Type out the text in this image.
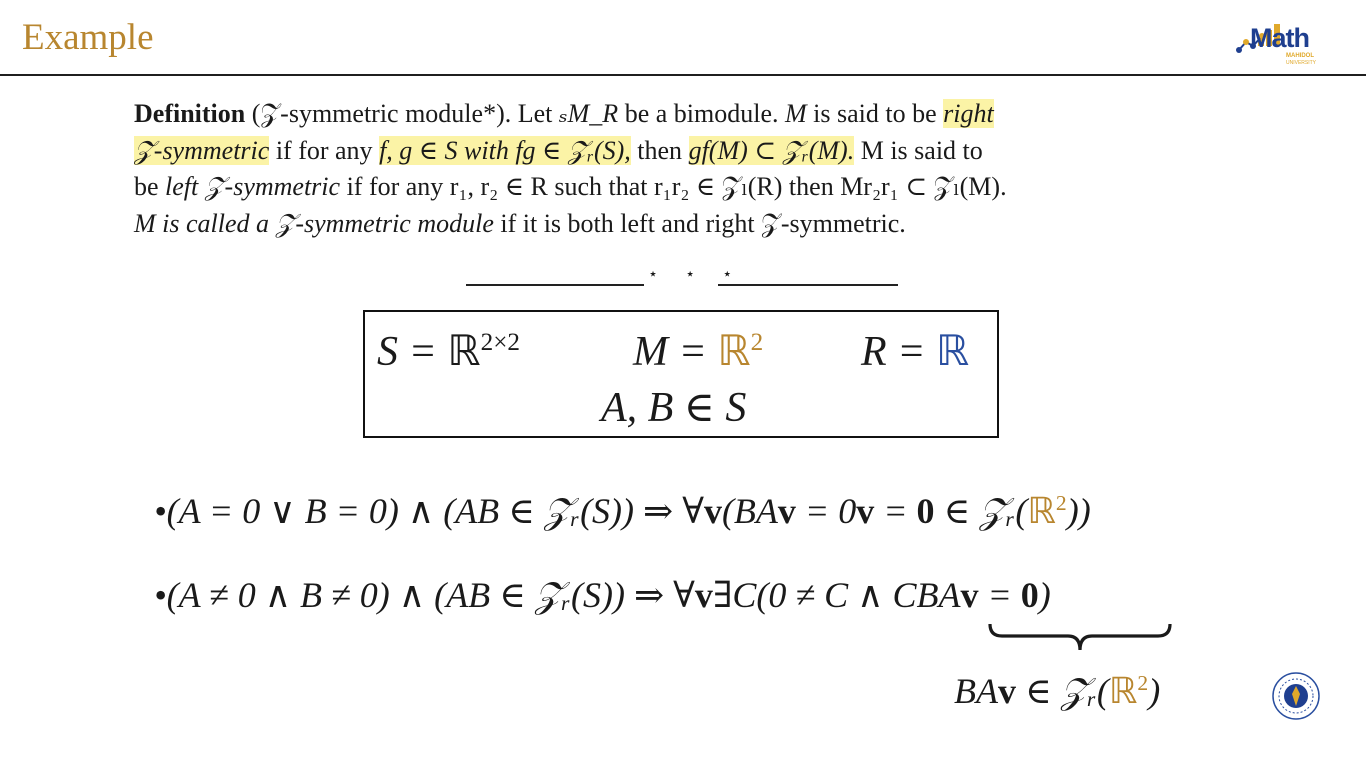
Example	Math
MAHIDOL
UNIVERSITY

Definition (𝒵-symmetric module*). Let ₛM_R be a bimodule. M is said to be right

𝒵-symmetric if for any f, g ∈ S with fg ∈ 𝒵ᵣ(S), then gf(M) ⊂ 𝒵ᵣ(M). M is said to

be left 𝒵-symmetric if for any r₁, r₂ ∈ R such that r₁r₂ ∈ 𝒵ₗ(R) then Mr₂r₁ ⊂ 𝒵ₗ(M).

M is called a 𝒵-symmetric module if it is both left and right 𝒵-symmetric.

⋆ ⋆ ⋆
S = ℝ$^{2\times 2}$	M = ℝ$^2$ R = ℝ
A, B ∈ S
•(A = 0 ∨ B = 0) ∧ (AB ∈ 𝒵ᵣ(S)) ⇒ ∀v(BAv = 0v = 0 ∈ 𝒵ᵣ(ℝ$^2$))
•(A ≠ 0 ∧ B ≠ 0) ∧ (AB ∈ 𝒵ᵣ(S)) ⇒ ∀v∃C(0 ≠ C ∧ CBAv = 0)
BAv ∈ 𝒵ᵣ(ℝ$^2$)
